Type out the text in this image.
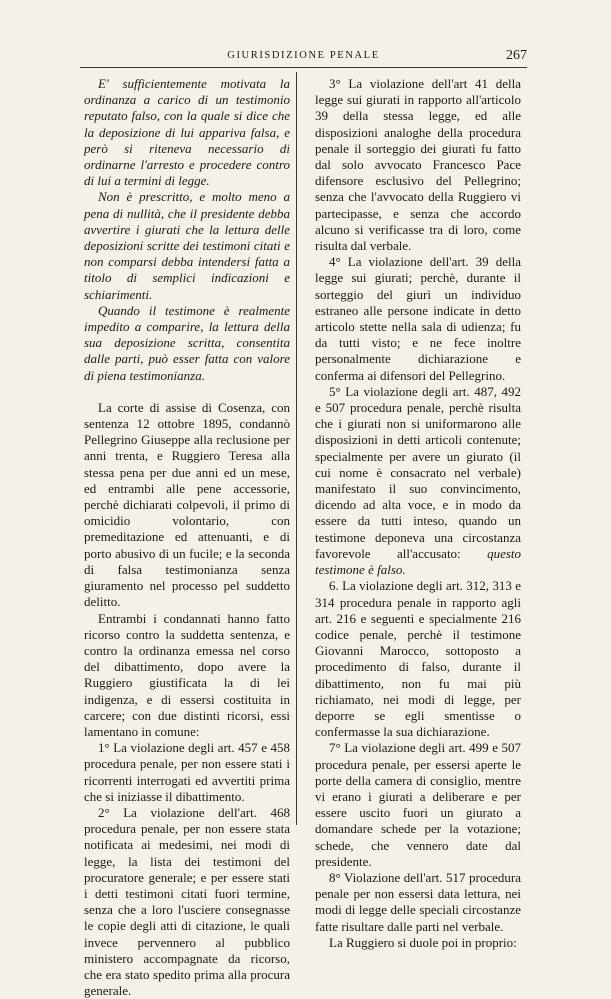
GIURISDIZIONE PENALE	267

E' sufficientemente motivata la ordinanza a carico di un testimonio reputato falso, con la quale si dice che la deposizione di lui appariva falsa, e però si riteneva necessario di ordinarne l'arresto e procedere contro di lui a termini di legge.

Non è prescritto, e molto meno a pena di nullità, che il presidente debba avvertire i giurati che la lettura delle deposizioni scritte dei testimoni citati e non comparsi debba intendersi fatta a titolo di semplici indicazioni e schiarimenti.

Quando il testimone è realmente impedito a comparire, la lettura della sua deposizione scritta, consentita dalle parti, può esser fatta con valore di piena testimonianza.

La corte di assise di Cosenza, con sentenza 12 ottobre 1895, condannò Pellegrino Giuseppe alla reclusione per anni trenta, e Ruggiero Teresa alla stessa pena per due anni ed un mese, ed entrambi alle pene accessorie, perchè dichiarati colpevoli, il primo di omicidio volontario, con premeditazione ed attenuanti, e di porto abusivo di un fucile; e la seconda di falsa testimonianza senza giuramento nel processo pel suddetto delitto.

Entrambi i condannati hanno fatto ricorso contro la suddetta sentenza, e contro la ordinanza emessa nel corso del dibattimento, dopo avere la Ruggiero giustificata la di lei indigenza, e di essersi costituita in carcere; con due distinti ricorsi, essi lamentano in comune:

1° La violazione degli art. 457 e 458 procedura penale, per non essere stati i ricorrenti interrogati ed avvertiti prima che si iniziasse il dibattimento.

2° La violazione dell'art. 468 procedura penale, per non essere stata notificata ai medesimi, nei modi di legge, la lista dei testimoni del procuratore generale; e per essere stati i detti testimoni citati fuori termine, senza che a loro l'usciere consegnasse le copie degli atti di citazione, le quali invece pervennero al pubblico ministero accompagnate da ricorso, che era stato spedito prima alla procura generale.

3° La violazione dell'art 41 della legge sui giurati in rapporto all'articolo 39 della stessa legge, ed alle disposizioni analoghe della procedura penale il sorteggio dei giurati fu fatto dal solo avvocato Francesco Pace difensore esclusivo del Pellegrino; senza che l'avvocato della Ruggiero vi partecipasse, e senza che accordo alcuno si verificasse tra di loro, come risulta dal verbale.

4° La violazione dell'art. 39 della legge sui giurati; perchè, durante il sorteggio del giurì un individuo estraneo alle persone indicate in detto articolo stette nella sala di udienza; fu da tutti visto; e ne fece inoltre personalmente dichiarazione e conferma ai difensori del Pellegrino.

5° La violazione degli art. 487, 492 e 507 procedura penale, perchè risulta che i giurati non si uniformarono alle disposizioni in detti articoli contenute; specialmente per avere un giurato (il cui nome è consacrato nel verbale) manifestato il suo convincimento, dicendo ad alta voce, e in modo da essere da tutti inteso, quando un testimone deponeva una circostanza favorevole all'accusato: questo testimone è falso.

6. La violazione degli art. 312, 313 e 314 procedura penale in rapporto agli art. 216 e seguenti e specialmente 216 codice penale, perchè il testimone Giovanni Marocco, sottoposto a procedimento di falso, durante il dibattimento, non fu mai più richiamato, nei modi di legge, per deporre se egli smentisse o confermasse la sua dichiarazione.

7° La violazione degli art. 499 e 507 procedura penale, per essersi aperte le porte della camera di consiglio, mentre vi erano i giurati a deliberare e per essere uscito fuori un giurato a domandare schede per la votazione; schede, che vennero date dal presidente.

8° Violazione dell'art. 517 procedura penale per non essersi data lettura, nei modi di legge delle speciali circostanze fatte risultare dalle parti nel verbale.

La Ruggiero si duole poi in proprio:
